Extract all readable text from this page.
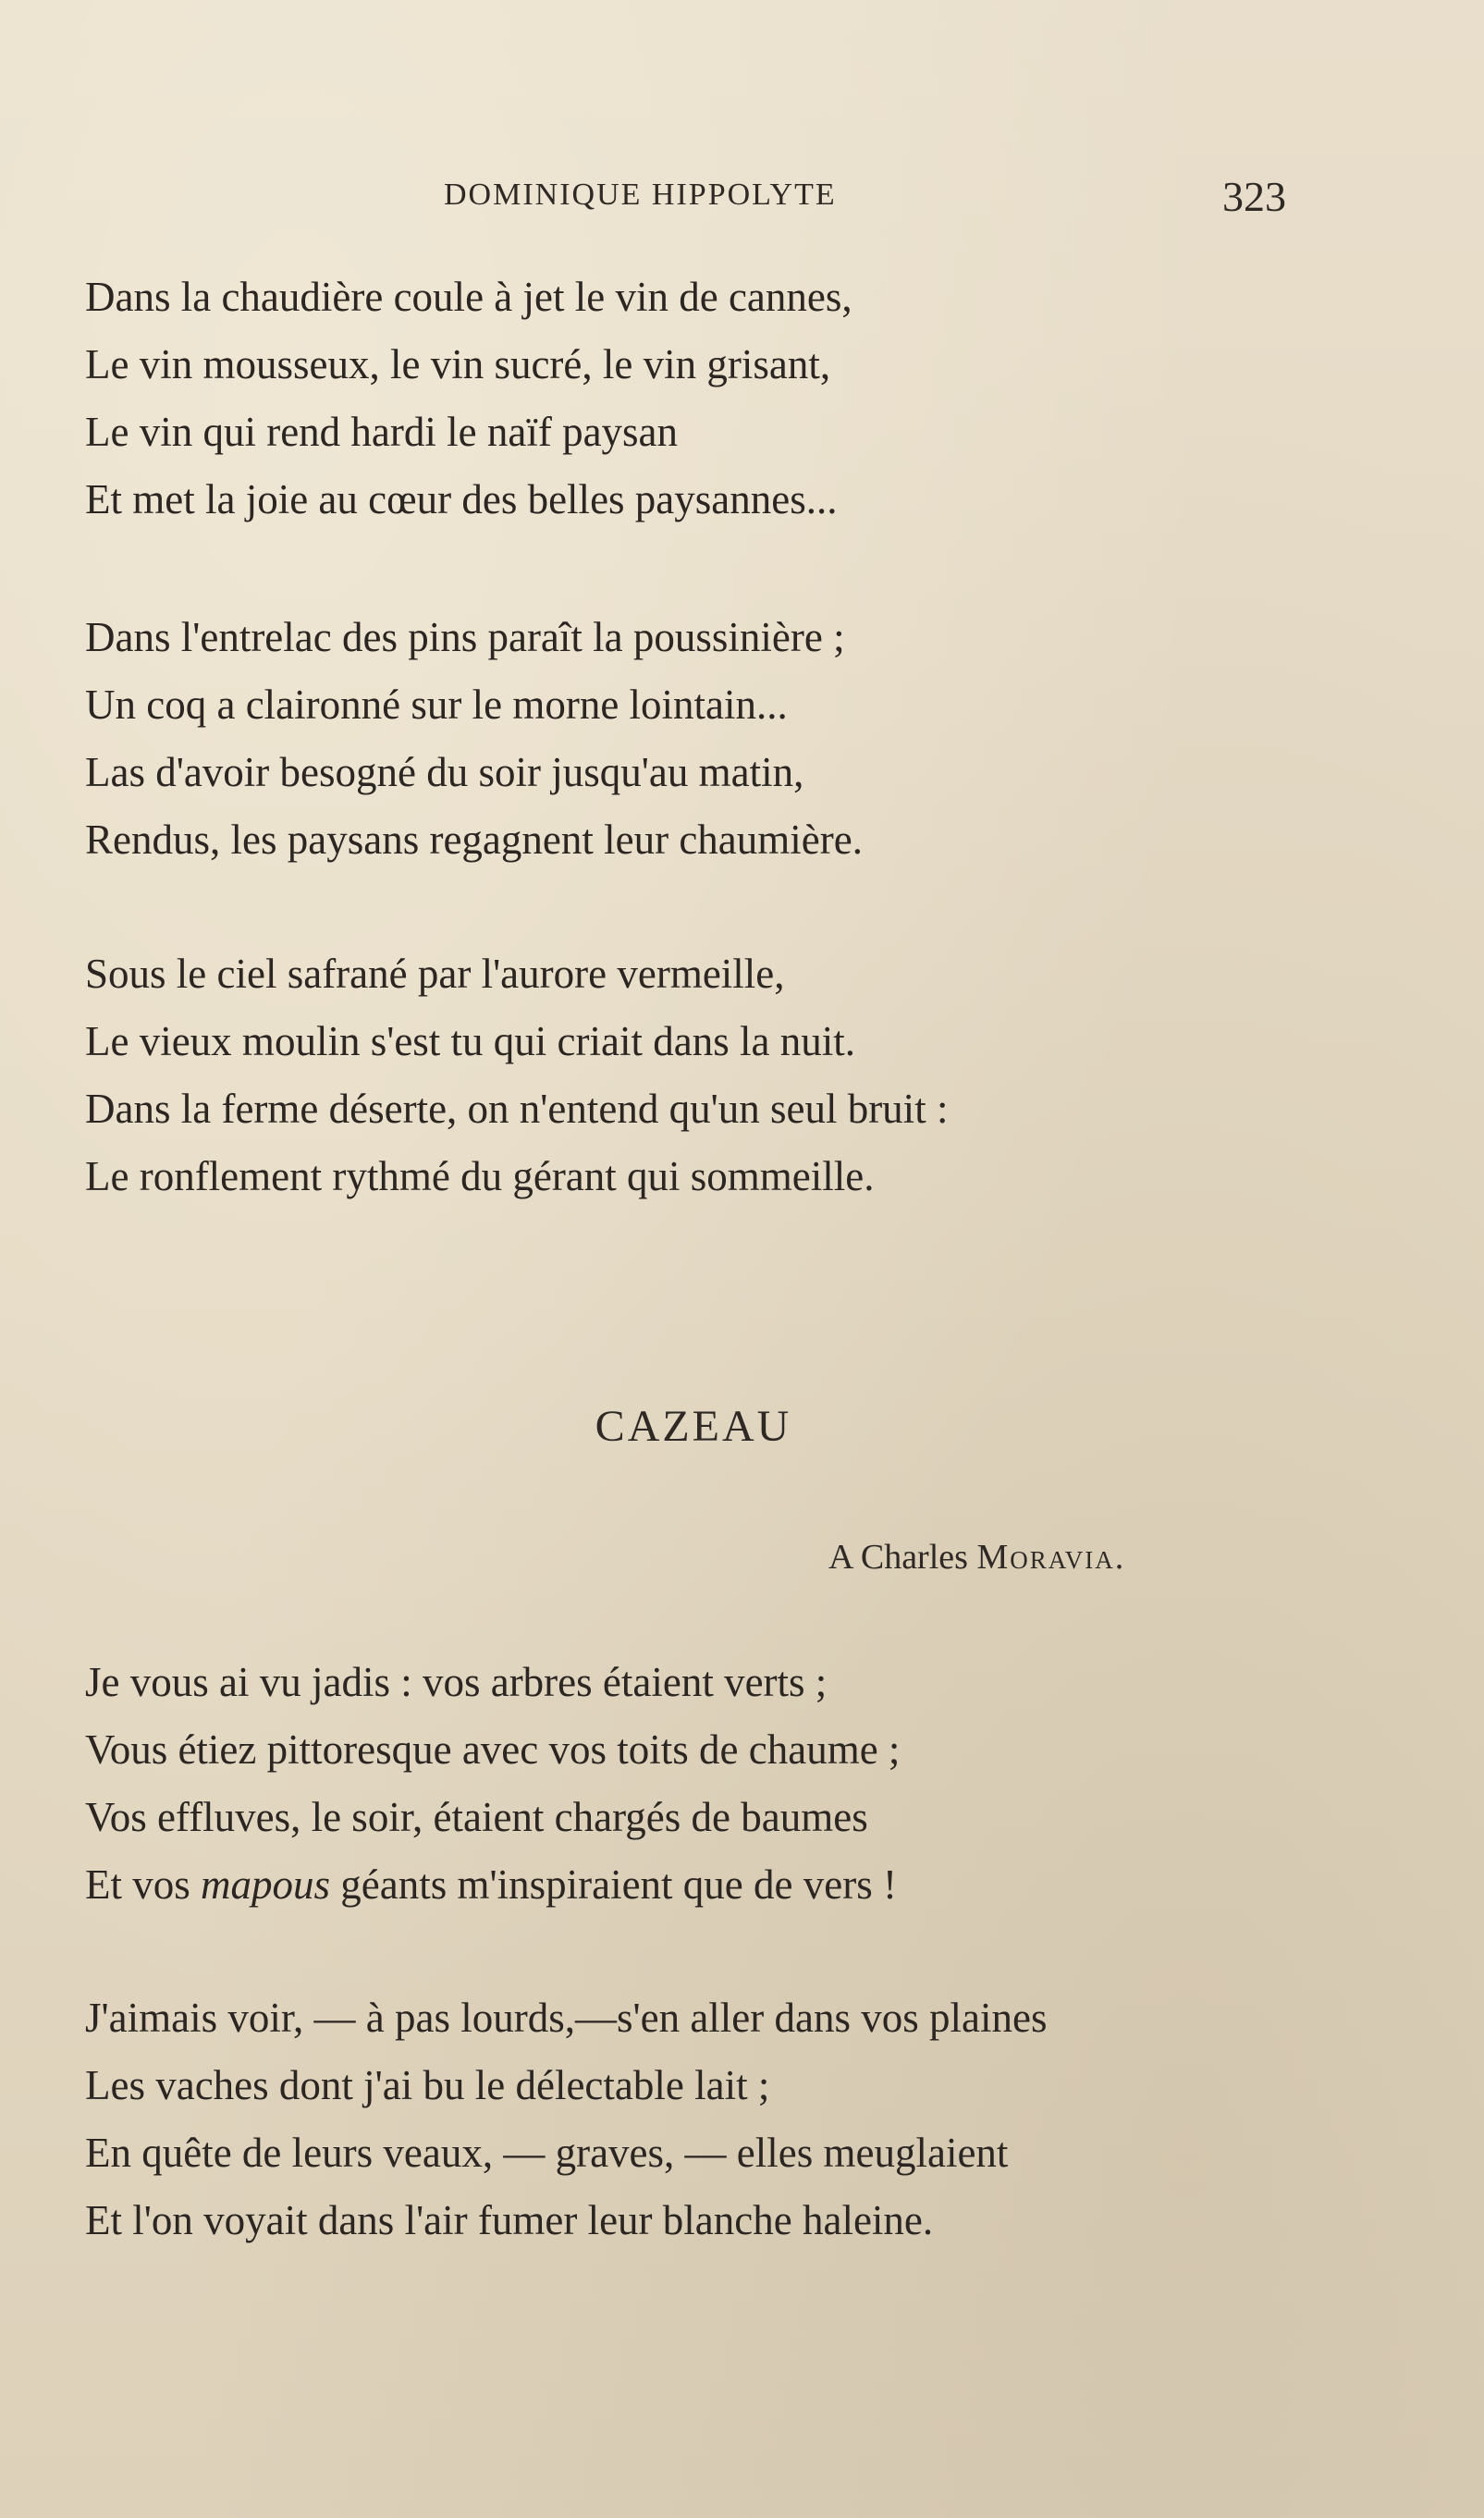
DOMINIQUE HIPPOLYTE	323
Dans la chaudière coule à jet le vin de cannes,
Le vin mousseux, le vin sucré, le vin grisant,
Le vin qui rend hardi le naïf paysan
Et met la joie au cœur des belles paysannes...
Dans l'entrelac des pins paraît la poussinière ;
Un coq a claironné sur le morne lointain...
Las d'avoir besogné du soir jusqu'au matin,
Rendus, les paysans regagnent leur chaumière.
Sous le ciel safrané par l'aurore vermeille,
Le vieux moulin s'est tu qui criait dans la nuit.
Dans la ferme déserte, on n'entend qu'un seul bruit :
Le ronflement rythmé du gérant qui sommeille.
CAZEAU
A Charles Moravia.
Je vous ai vu jadis : vos arbres étaient verts ;
Vous étiez pittoresque avec vos toits de chaume ;
Vos effluves, le soir, étaient chargés de baumes
Et vos mapous géants m'inspiraient que de vers !
J'aimais voir, — à pas lourds,—s'en aller dans vos plaines
Les vaches dont j'ai bu le délectable lait ;
En quête de leurs veaux, — graves, — elles meuglaient
Et l'on voyait dans l'air fumer leur blanche haleine.
